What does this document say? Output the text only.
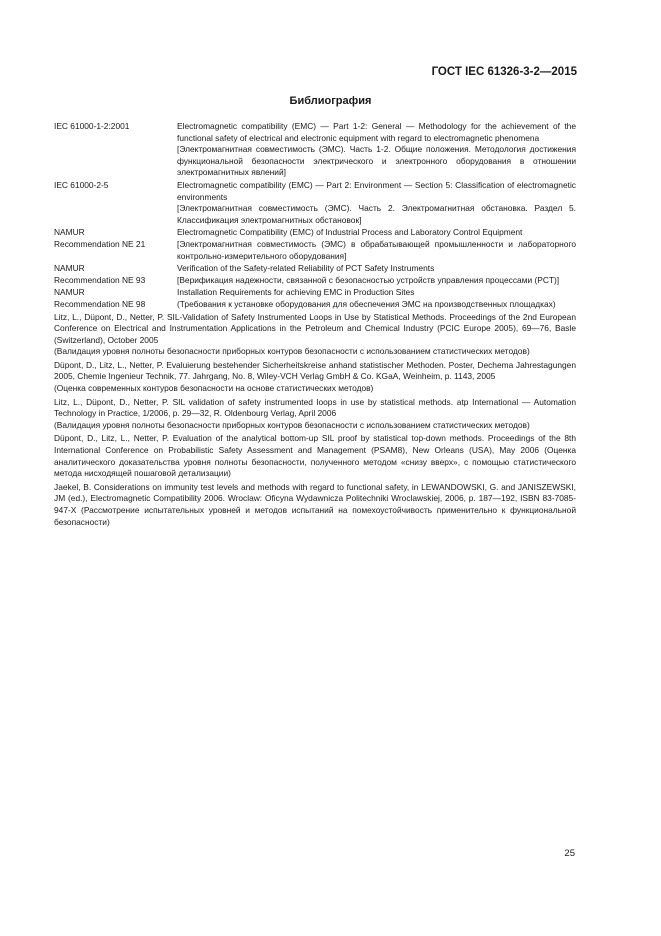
ГОСТ IEC 61326-3-2—2015
Библиография
IEC 61000-1-2:2001	Electromagnetic compatibility (EMC) — Part 1-2: General — Methodology for the achievement of the functional safety of electrical and electronic equipment with regard to electromagnetic phenomena

[Электромагнитная совместимость (ЭМС). Часть 1-2. Общие положения. Методология достижения функциональной безопасности электрического и электронного оборудования в отношении электромагнитных явлений]

IEC 61000-2-5	Electromagnetic compatibility (EMC) — Part 2: Environment — Section 5: Classification of electromagnetic environments

[Электромагнитная совместимость (ЭМС). Часть 2. Электромагнитная обстановка. Раздел 5. Классификация электромагнитных обстановок]

NAMUR
Recommendation NE 21

Electromagnetic Compatibility (EMC) of Industrial Process and Laboratory Control Equipment

[Электромагнитная совместимость (ЭМС) в обрабатывающей промышленности и лабораторного контрольно-измерительного оборудования]

NAMUR
Recommendation NE 93

Verification of the Safety-related Reliability of PCT Safety Instruments

[Верификация надежности, связанной с безопасностью устройств управления процессами (PCT)]

NAMUR
Recommendation NE 98

Installation Requirements for achieving EMC in Production Sites

(Требования к установке оборудования для обеспечения ЭМС на производственных площадках)

Litz, L., Düpont, D., Netter, P. SIL-Validation of Safety Instrumented Loops in Use by Statistical Methods. Proceedings of the 2nd European Conference on Electrical and Instrumentation Applications in the Petroleum and Chemical Industry (PCIC Europe 2005), 69—76, Basle (Switzerland), October 2005

(Валидация уровня полноты безопасности приборных контуров безопасности с использованием статистических методов)

Düpont, D., Litz, L., Netter, P. Evaluierung bestehender Sicherheitskreise anhand statistischer Methoden. Poster, Dechema Jahrestagungen 2005, Chemie Ingenieur Technik, 77. Jahrgang, No. 8, Wiley-VCH Verlag GmbH & Co. KGaA, Weinheim, p. 1143, 2005

(Оценка современных контуров безопасности на основе статистических методов)

Litz, L., Düpont, D., Netter, P. SIL validation of safety instrumented loops in use by statistical methods. atp International — Automation Technology in Practice, 1/2006, p. 29—32, R. Oldenbourg Verlag, April 2006

(Валидация уровня полноты безопасности приборных контуров безопасности с использованием статистических методов)

Düpont, D., Litz, L., Netter, P. Evaluation of the analytical bottom-up SIL proof by statistical top-down methods. Proceedings of the 8th International Conference on Probabilistic Safety Assessment and Management (PSAM8), New Orleans (USA), May 2006 (Оценка аналитического доказательства уровня полноты безопасности, полученного методом «снизу вверх», с помощью статистического метода нисходящей пошаговой детализации)

Jaekel, B. Considerations on immunity test levels and methods with regard to functional safety, in LEWANDOWSKI, G. and JANISZEWSKI, JM (ed.), Electromagnetic Compatibility 2006. Wroclaw: Oficyna Wydawnicza Politechniki Wroclawskiej, 2006, p. 187—192, ISBN 83-7085-947-X (Рассмотрение испытательных уровней и методов испытаний на помехоустойчивость применительно к функциональной безопасности)

25
